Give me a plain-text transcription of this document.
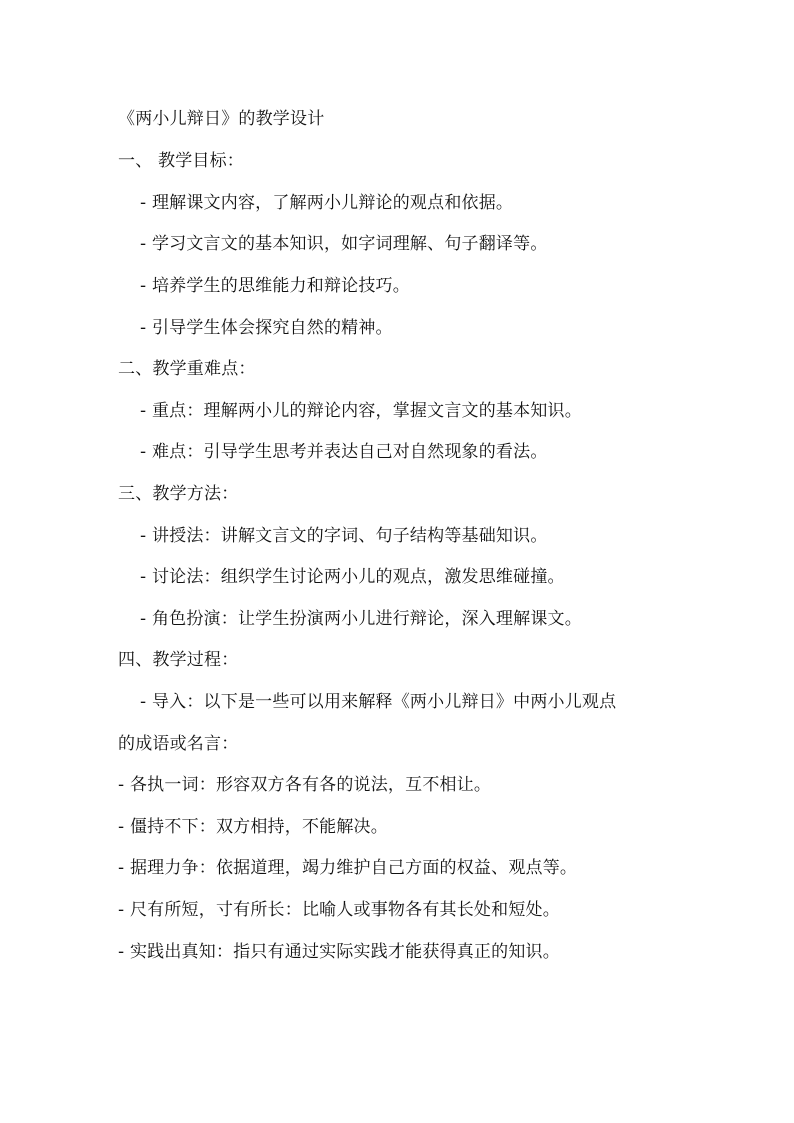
《两小儿辩日》的教学设计
一、 教学目标：
- 理解课文内容，了解两小儿辩论的观点和依据。
- 学习文言文的基本知识，如字词理解、句子翻译等。
- 培养学生的思维能力和辩论技巧。
- 引导学生体会探究自然的精神。
二、教学重难点：
- 重点：理解两小儿的辩论内容，掌握文言文的基本知识。
- 难点：引导学生思考并表达自己对自然现象的看法。
三、教学方法：
- 讲授法：讲解文言文的字词、句子结构等基础知识。
- 讨论法：组织学生讨论两小儿的观点，激发思维碰撞。
- 角色扮演：让学生扮演两小儿进行辩论，深入理解课文。
四、教学过程：
- 导入：以下是一些可以用来解释《两小儿辩日》中两小儿观点
的成语或名言：
- 各执一词：形容双方各有各的说法，互不相让。
- 僵持不下：双方相持，不能解决。
- 据理力争：依据道理，竭力维护自己方面的权益、观点等。
- 尺有所短，寸有所长：比喻人或事物各有其长处和短处。
- 实践出真知：指只有通过实际实践才能获得真正的知识。
